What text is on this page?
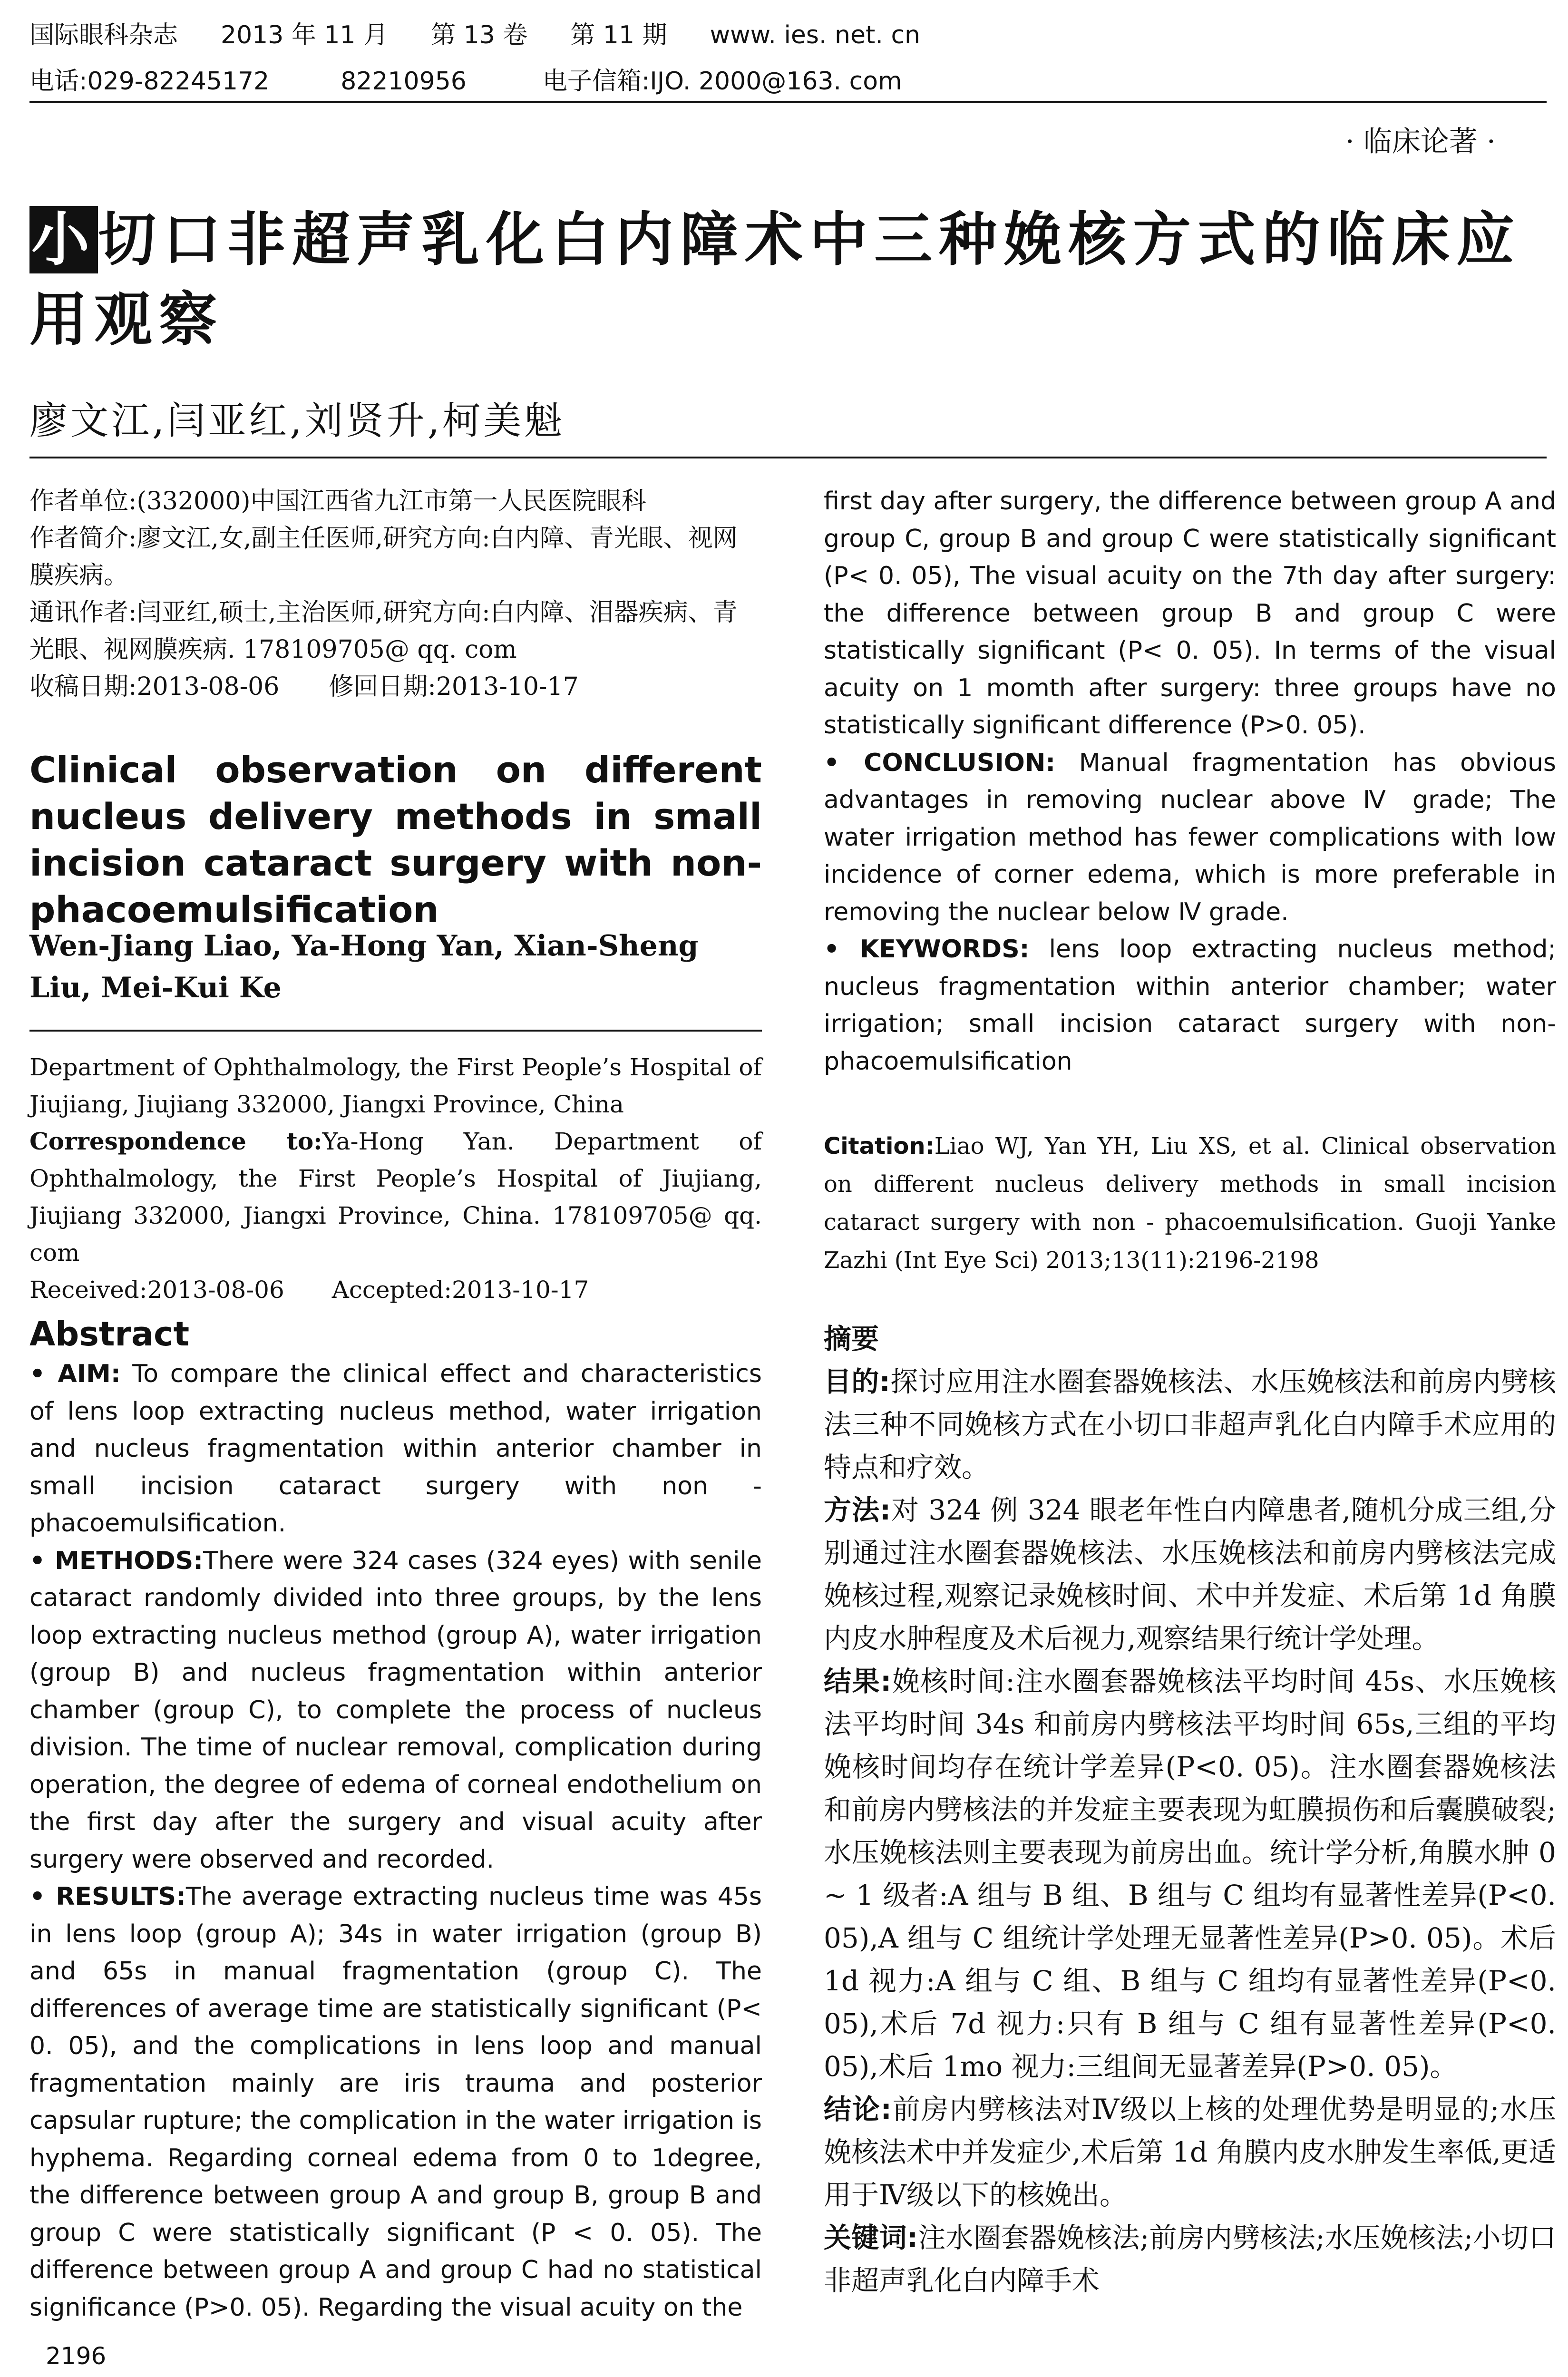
国际眼科杂志 2013 年 11 月 第 13 卷 第 11 期 www. ies. net. cn
电话:029-82245172	82210956	电子信箱:IJO. 2000@163. com
· 临床论著 ·
小切口非超声乳化白内障术中三种娩核方式的临床应用观察
廖文江,闫亚红,刘贤升,柯美魁

作者单位:(332000)中国江西省九江市第一人民医院眼科

作者简介:廖文江,女,副主任医师,研究方向:白内障、青光眼、视网膜疾病。

通讯作者:闫亚红,硕士,主治医师,研究方向:白内障、泪器疾病、青光眼、视网膜疾病. 178109705@ qq. com

收稿日期:2013-08-06　　修回日期:2013-10-17

Clinical observation on different nucleus delivery methods in small incision cataract surgery with non-phacoemulsification

Wen-Jiang Liao, Ya-Hong Yan, Xian-Sheng Liu, Mei-Kui Ke

Department of Ophthalmology, the First People’s Hospital of Jiujiang, Jiujiang 332000, Jiangxi Province, China

Correspondence to:Ya-Hong Yan. Department of Ophthalmology, the First People’s Hospital of Jiujiang, Jiujiang 332000, Jiangxi Province, China. 178109705@ qq. com

Received:2013-08-06　　Accepted:2013-10-17

Abstract

• AIM: To compare the clinical effect and characteristics of lens loop extracting nucleus method, water irrigation and nucleus fragmentation within anterior chamber in small incision cataract surgery with non - phacoemulsification.

• METHODS:There were 324 cases (324 eyes) with senile cataract randomly divided into three groups, by the lens loop extracting nucleus method (group A), water irrigation (group B) and nucleus fragmentation within anterior chamber (group C), to complete the process of nucleus division. The time of nuclear removal, complication during operation, the degree of edema of corneal endothelium on the first day after the surgery and visual acuity after surgery were observed and recorded.

• RESULTS:The average extracting nucleus time was 45s in lens loop (group A); 34s in water irrigation (group B) and 65s in manual fragmentation (group C). The differences of average time are statistically significant (P< 0. 05), and the complications in lens loop and manual fragmentation mainly are iris trauma and posterior capsular rupture; the complication in the water irrigation is hyphema. Regarding corneal edema from 0 to 1degree, the difference between group A and group B, group B and group C were statistically significant (P < 0. 05). The difference between group A and group C had no statistical significance (P>0. 05). Regarding the visual acuity on the

2196

first day after surgery, the difference between group A and group C, group B and group C were statistically significant (P< 0. 05), The visual acuity on the 7th day after surgery: the difference between group B and group C were statistically significant (P< 0. 05). In terms of the visual acuity on 1 momth after surgery: three groups have no statistically significant difference (P>0. 05).

• CONCLUSION: Manual fragmentation has obvious advantages in removing nuclear above Ⅳ grade; The water irrigation method has fewer complications with low incidence of corner edema, which is more preferable in removing the nuclear below Ⅳ grade.

• KEYWORDS: lens loop extracting nucleus method; nucleus fragmentation within anterior chamber; water irrigation; small incision cataract surgery with non-phacoemulsification

Citation:Liao WJ, Yan YH, Liu XS, et al. Clinical observation on different nucleus delivery methods in small incision cataract surgery with non - phacoemulsification. Guoji Yanke Zazhi (Int Eye Sci) 2013;13(11):2196-2198

摘要

目的:探讨应用注水圈套器娩核法、水压娩核法和前房内劈核法三种不同娩核方式在小切口非超声乳化白内障手术应用的特点和疗效。

方法:对 324 例 324 眼老年性白内障患者,随机分成三组,分别通过注水圈套器娩核法、水压娩核法和前房内劈核法完成娩核过程,观察记录娩核时间、术中并发症、术后第 1d 角膜内皮水肿程度及术后视力,观察结果行统计学处理。

结果:娩核时间:注水圈套器娩核法平均时间 45s、水压娩核法平均时间 34s 和前房内劈核法平均时间 65s,三组的平均娩核时间均存在统计学差异(P<0. 05)。注水圈套器娩核法和前房内劈核法的并发症主要表现为虹膜损伤和后囊膜破裂;水压娩核法则主要表现为前房出血。统计学分析,角膜水肿 0 ~ 1 级者:A 组与 B 组、B 组与 C 组均有显著性差异(P<0. 05),A 组与 C 组统计学处理无显著性差异(P>0. 05)。术后 1d 视力:A 组与 C 组、B 组与 C 组均有显著性差异(P<0. 05),术后 7d 视力:只有 B 组与 C 组有显著性差异(P<0. 05),术后 1mo 视力:三组间无显著差异(P>0. 05)。

结论:前房内劈核法对Ⅳ级以上核的处理优势是明显的;水压娩核法术中并发症少,术后第 1d 角膜内皮水肿发生率低,更适用于Ⅳ级以下的核娩出。

关键词:注水圈套器娩核法;前房内劈核法;水压娩核法;小切口非超声乳化白内障手术
